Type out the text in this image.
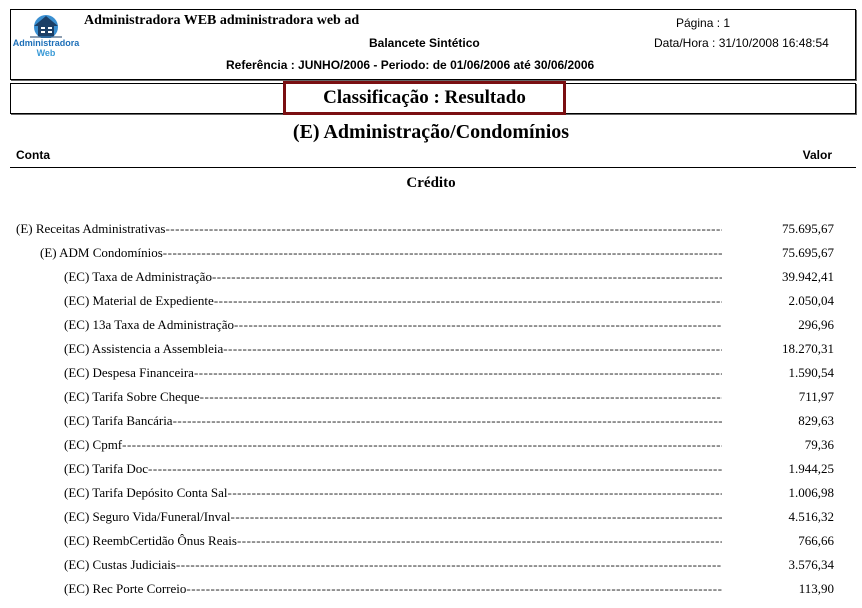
Administradora
Web
Administradora WEB administradora web ad
Balancete Sintético
Referência : JUNHO/2006 - Periodo: de 01/06/2006 até 30/06/2006
Página : 1
Data/Hora : 31/10/2008 16:48:54
Classificação : Resultado
(E) Administração/Condomínios
Conta	Valor
Crédito
(E) Receitas Administrativas -----	75.695,67
(E) ADM Condomínios -----	75.695,67
(EC) Taxa de Administração -----	39.942,41
(EC) Material de Expediente -----	2.050,04
(EC) 13a Taxa de Administração -----	296,96
(EC) Assistencia a Assembleia -----	18.270,31
(EC) Despesa Financeira -----	1.590,54
(EC) Tarifa Sobre Cheque -----	711,97
(EC) Tarifa Bancária -----	829,63
(EC) Cpmf -----	79,36
(EC) Tarifa Doc -----	1.944,25
(EC) Tarifa Depósito Conta Sal -----	1.006,98
(EC) Seguro Vida/Funeral/Inval -----	4.516,32
(EC) ReembCertidão Ônus Reais -----	766,66
(EC) Custas Judiciais -----	3.576,34
(EC) Rec Porte Correio -----	113,90
